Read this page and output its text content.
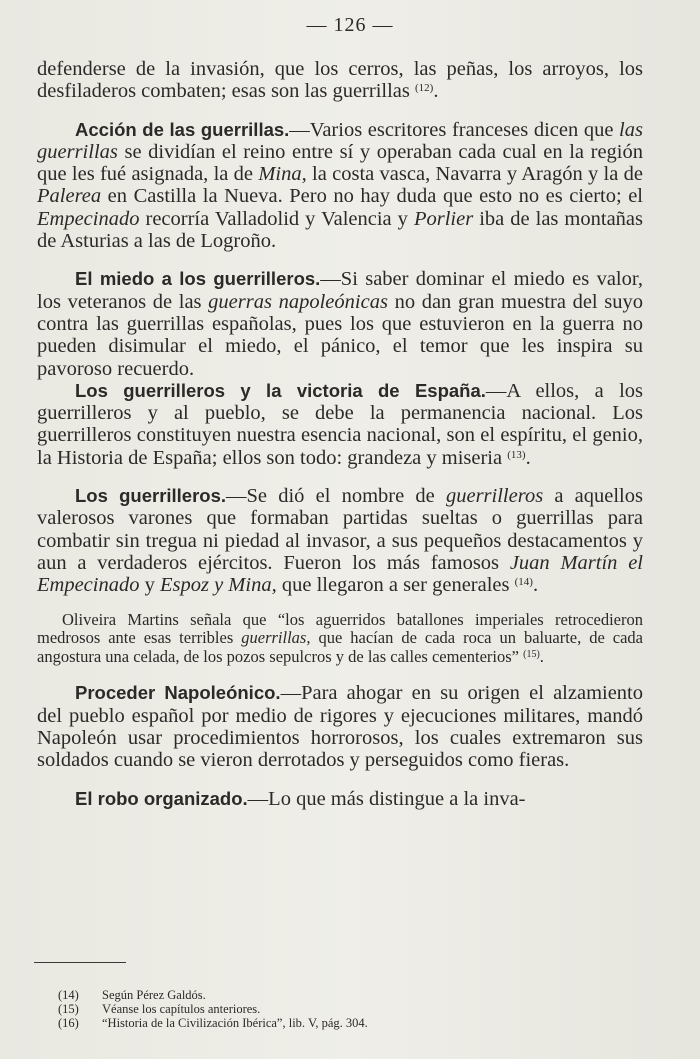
— 126 —

defenderse de la invasión, que los cerros, las peñas, los arroyos, los desfiladeros combaten; esas son las guerrillas $^{(12)}$.

Acción de las guerrillas.—Varios escritores franceses dicen que las guerrillas se dividían el reino entre sí y operaban cada cual en la región que les fué asignada, la de Mina, la costa vasca, Navarra y Aragón y la de Palerea en Castilla la Nueva. Pero no hay duda que esto no es cierto; el Empecinado recorría Valladolid y Valencia y Porlier iba de las montañas de Asturias a las de Logroño.

El miedo a los guerrilleros.—Si saber dominar el miedo es valor, los veteranos de las guerras napoleónicas no dan gran muestra del suyo contra las guerrillas españolas, pues los que estuvieron en la guerra no pueden disimular el miedo, el pánico, el temor que les inspira su pavoroso recuerdo.

Los guerrilleros y la victoria de España.—A ellos, a los guerrilleros y al pueblo, se debe la permanencia nacional. Los guerrilleros constituyen nuestra esencia nacional, son el espíritu, el genio, la Historia de España; ellos son todo: grandeza y miseria $^{(13)}$.

Los guerrilleros.—Se dió el nombre de guerrilleros a aquellos valerosos varones que formaban partidas sueltas o guerrillas para combatir sin tregua ni piedad al invasor, a sus pequeños destacamentos y aun a verdaderos ejércitos. Fueron los más famosos Juan Martín el Empecinado y Espoz y Mina, que llegaron a ser generales $^{(14)}$.

Oliveira Martins señala que “los aguerridos batallones imperiales retrocedieron medrosos ante esas terribles guerrillas, que hacían de cada roca un baluarte, de cada angostura una celada, de los pozos sepulcros y de las calles cementerios” $^{(15)}$.

Proceder Napoleónico.—Para ahogar en su origen el alzamiento del pueblo español por medio de rigores y ejecuciones militares, mandó Napoleón usar procedimientos horrorosos, los cuales extremaron sus soldados cuando se vieron derrotados y perseguidos como fieras.

El robo organizado.—Lo que más distingue a la inva-

(14)	Según Pérez Galdós.
(15)	Véanse los capítulos anteriores.
(16)	“Historia de la Civilización Ibérica”, lib. V, pág. 304.
